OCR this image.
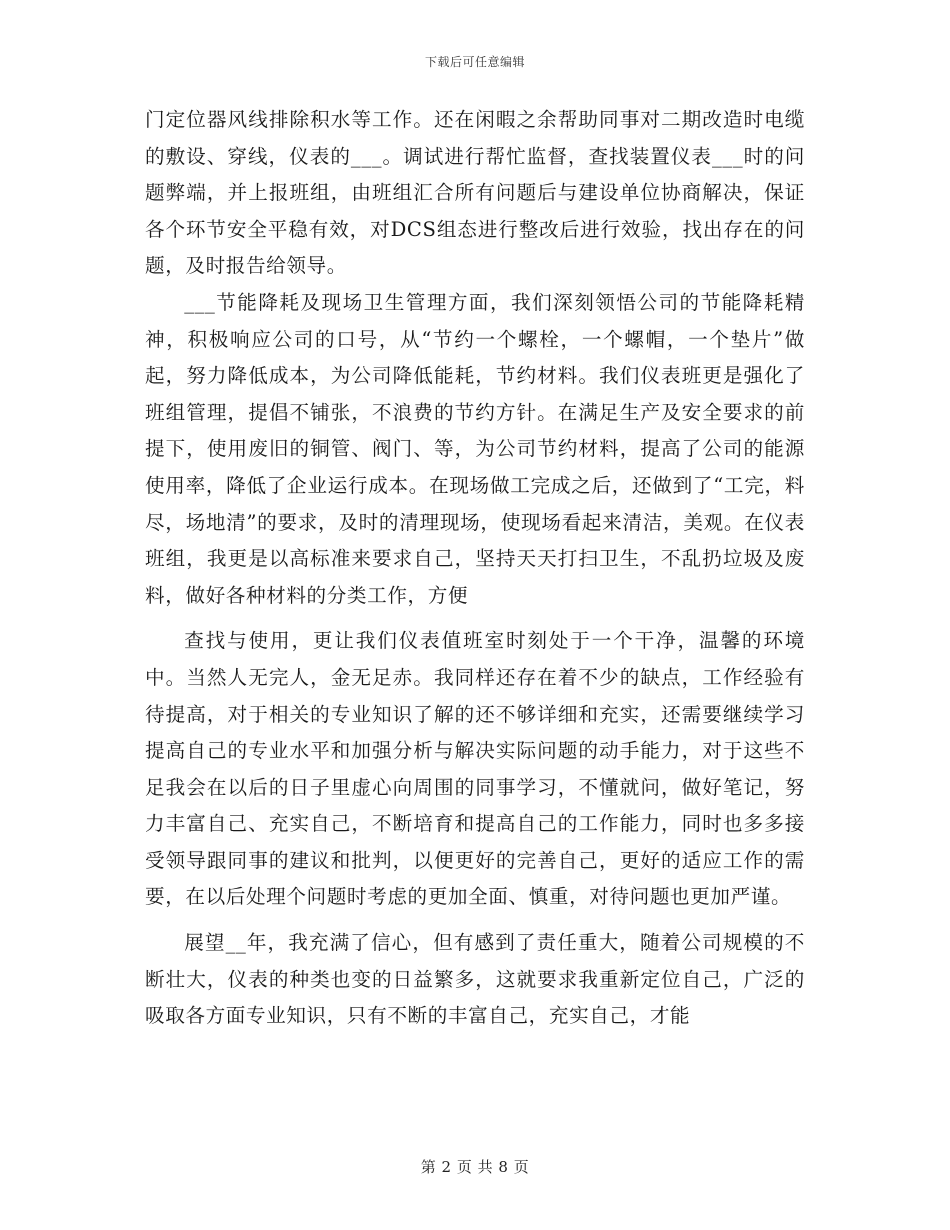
下载后可任意编辑

门定位器风线排除积水等工作。还在闲暇之余帮助同事对二期改造时电缆的敷设、穿线，仪表的___。调试进行帮忙监督，查找装置仪表___时的问题弊端，并上报班组，由班组汇合所有问题后与建设单位协商解决，保证各个环节安全平稳有效，对DCS组态进行整改后进行效验，找出存在的问题，及时报告给领导。

___节能降耗及现场卫生管理方面，我们深刻领悟公司的节能降耗精神，积极响应公司的口号，从“节约一个螺栓，一个螺帽，一个垫片”做起，努力降低成本，为公司降低能耗，节约材料。我们仪表班更是强化了班组管理，提倡不铺张，不浪费的节约方针。在满足生产及安全要求的前提下，使用废旧的铜管、阀门、等，为公司节约材料，提高了公司的能源使用率，降低了企业运行成本。在现场做工完成之后，还做到了“工完，料尽，场地清”的要求，及时的清理现场，使现场看起来清洁，美观。在仪表班组，我更是以高标准来要求自己，坚持天天打扫卫生，不乱扔垃圾及废料，做好各种材料的分类工作，方便

查找与使用，更让我们仪表值班室时刻处于一个干净，温馨的环境中。当然人无完人，金无足赤。我同样还存在着不少的缺点，工作经验有待提高，对于相关的专业知识了解的还不够详细和充实，还需要继续学习提高自己的专业水平和加强分析与解决实际问题的动手能力，对于这些不足我会在以后的日子里虚心向周围的同事学习，不懂就问，做好笔记，努力丰富自己、充实自己，不断培育和提高自己的工作能力，同时也多多接受领导跟同事的建议和批判，以便更好的完善自己，更好的适应工作的需要，在以后处理个问题时考虑的更加全面、慎重，对待问题也更加严谨。

展望__年，我充满了信心，但有感到了责任重大，随着公司规模的不断壮大，仪表的种类也变的日益繁多，这就要求我重新定位自己，广泛的吸取各方面专业知识，只有不断的丰富自己，充实自己，才能

第 2 页 共 8 页
